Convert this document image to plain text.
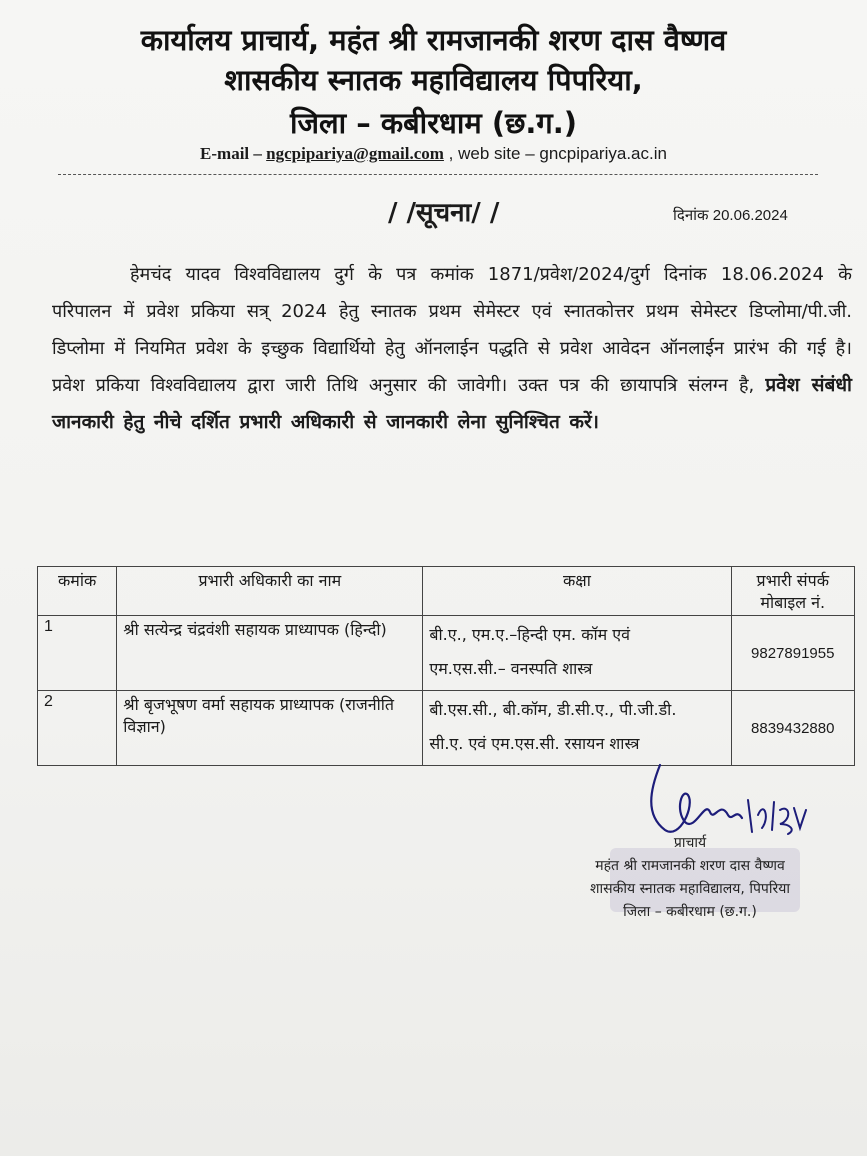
कार्यालय प्राचार्य, महंत श्री रामजानकी शरण दास वैष्णव
शासकीय स्नातक महाविद्यालय पिपरिया,
जिला – कबीरधाम (छ.ग.)
E-mail – ngcpipariya@gmail.com , web site – gncpipariya.ac.in
/ /सूचना/ /	दिनांक 20.06.2024
हेमचंद यादव विश्वविद्यालय दुर्ग के पत्र कमांक 1871/प्रवेश/2024/दुर्ग दिनांक 18.06.2024 के परिपालन में प्रवेश प्रकिया सत्र् 2024 हेतु स्नातक प्रथम सेमेस्टर एवं स्नातकोत्तर प्रथम सेमेस्टर डिप्लोमा/पी.जी. डिप्लोमा में नियमित प्रवेश के इच्छुक विद्यार्थियो हेतु ऑनलाईन पद्धति से प्रवेश आवेदन ऑनलाईन प्रारंभ की गई है। प्रवेश प्रकिया विश्वविद्यालय द्वारा जारी तिथि अनुसार की जावेगी। उक्त पत्र की छायापत्रि संलग्न है, प्रवेश संबंधी जानकारी हेतु नीचे दर्शित प्रभारी अधिकारी से जानकारी लेना सुनिश्चित करें।
कमांक	प्रभारी अधिकारी का नाम	कक्षा	प्रभारी संपर्क मोबाइल नं.
1	श्री सत्येन्द्र चंद्रवंशी सहायक प्राध्यापक (हिन्दी)	बी.ए., एम.ए.–हिन्दी एम. कॉम एवं
एम.एस.सी.– वनस्पति शास्त्र	9827891955
2	श्री बृजभूषण वर्मा सहायक प्राध्यापक (राजनीति विज्ञान)	बी.एस.सी., बी.कॉम, डी.सी.ए., पी.जी.डी.
सी.ए. एवं एम.एस.सी. रसायन शास्त्र	8839432880
प्राचार्य
महंत श्री रामजानकी शरण दास वैष्णव
शासकीय स्नातक महाविद्यालय, पिपरिया
जिला – कबीरधाम (छ.ग.)
